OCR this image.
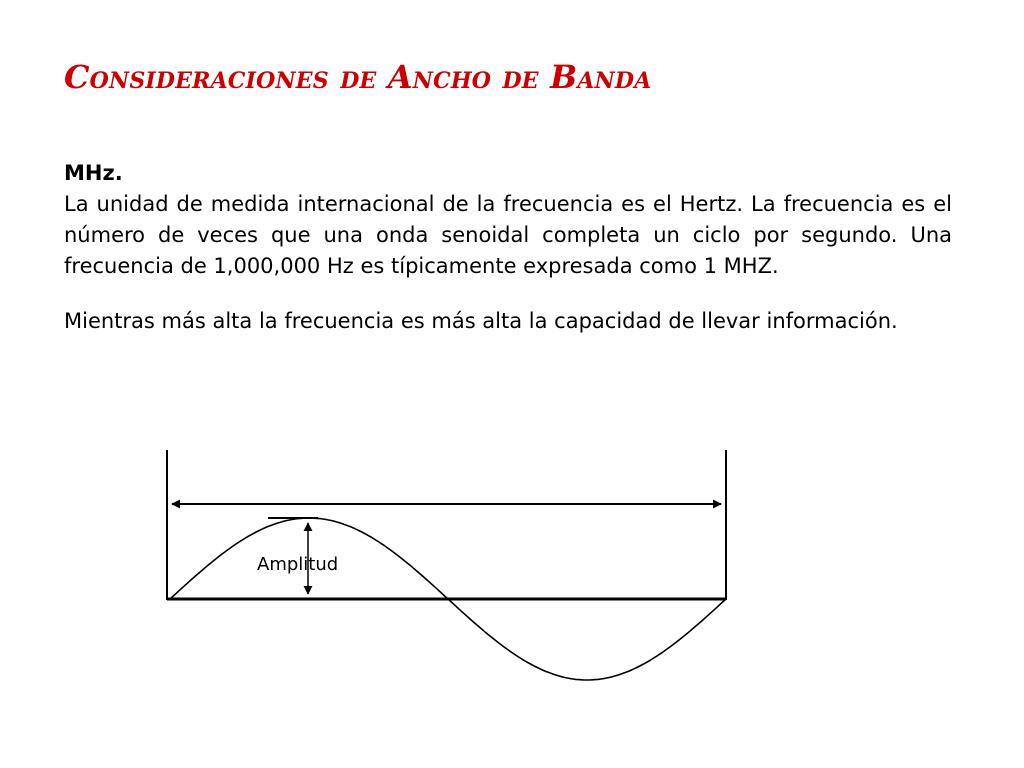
Consideraciones de Ancho de Banda

MHz.

La unidad de medida internacional de la frecuencia es el Hertz. La frecuencia es el número de veces que una onda senoidal completa un ciclo por segundo. Una frecuencia de 1,000,000 Hz es típicamente expresada como 1 MHZ.

Mientras más alta la frecuencia es más alta la capacidad de llevar información.

Amplitud
